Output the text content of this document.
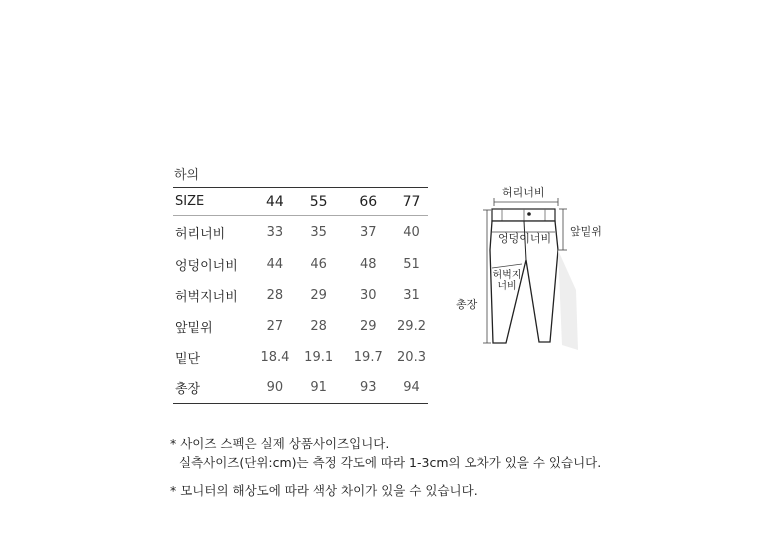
하의
SIZE	44	55	66	77
허리너비	33	35	37	40
엉덩이너비	44	46	48	51
허벅지너비	28	29	30	31
앞밑위	27	28	29	29.2
밑단	18.4	19.1	19.7	20.3
총장	90	91	93	94
허리너비
앞밑위
엉덩이너비
허벅지
너비
총장
* 사이즈 스펙은 실제 상품사이즈입니다.
실측사이즈(단위:cm)는 측정 각도에 따라 1-3cm의 오차가 있을 수 있습니다.
* 모니터의 해상도에 따라 색상 차이가 있을 수 있습니다.
